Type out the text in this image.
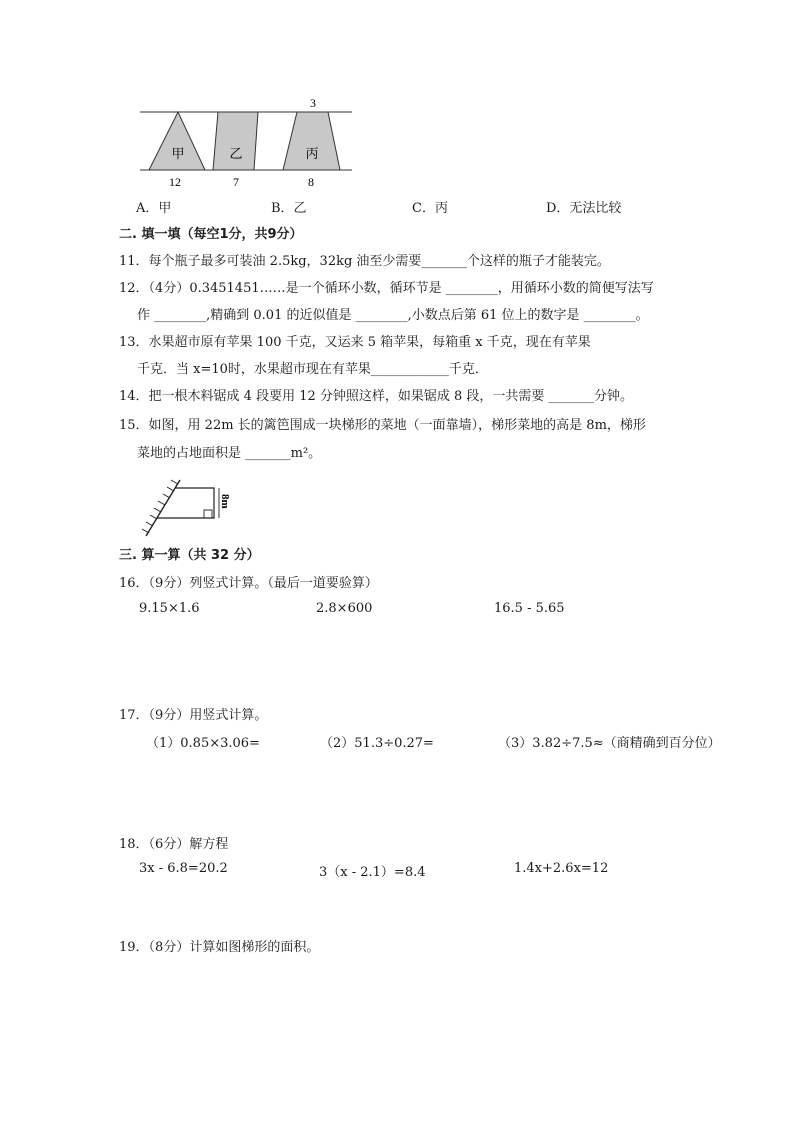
3
甲	乙	丙
12	7	8
A．甲	B．乙	C．丙	D．无法比较
二. 填一填（每空1分，共9分）
11．每个瓶子最多可装油 2.5kg，32kg 油至少需要_______个这样的瓶子才能装完。
12．（4分）0.3451451……是一个循环小数，循环节是 ________，用循环小数的简便写法写
作 ________,精确到 0.01 的近似值是 ________,小数点后第 61 位上的数字是 ________。
13．水果超市原有苹果 100 千克，又运来 5 箱苹果，每箱重 x 千克，现在有苹果
千克．当 x=10时，水果超市现在有苹果____________千克．
14．把一根木料锯成 4 段要用 12 分钟照这样，如果锯成 8 段，一共需要 _______分钟。
15．如图，用 22m 长的篱笆围成一块梯形的菜地（一面靠墙），梯形菜地的高是 8m，梯形
菜地的占地面积是 _______m²。
8m
三. 算一算（共 32 分）
16．（9分）列竖式计算。（最后一道要验算）
9.15×1.6	2.8×600	16.5 - 5.65
17．（9分）用竖式计算。
（1）0.85×3.06=	（2）51.3÷0.27=	（3）3.82÷7.5≈（商精确到百分位）
18．（6分）解方程
3x - 6.8=20.2	3（x - 2.1）=8.4	1.4x+2.6x=12
19．（8分）计算如图梯形的面积。
